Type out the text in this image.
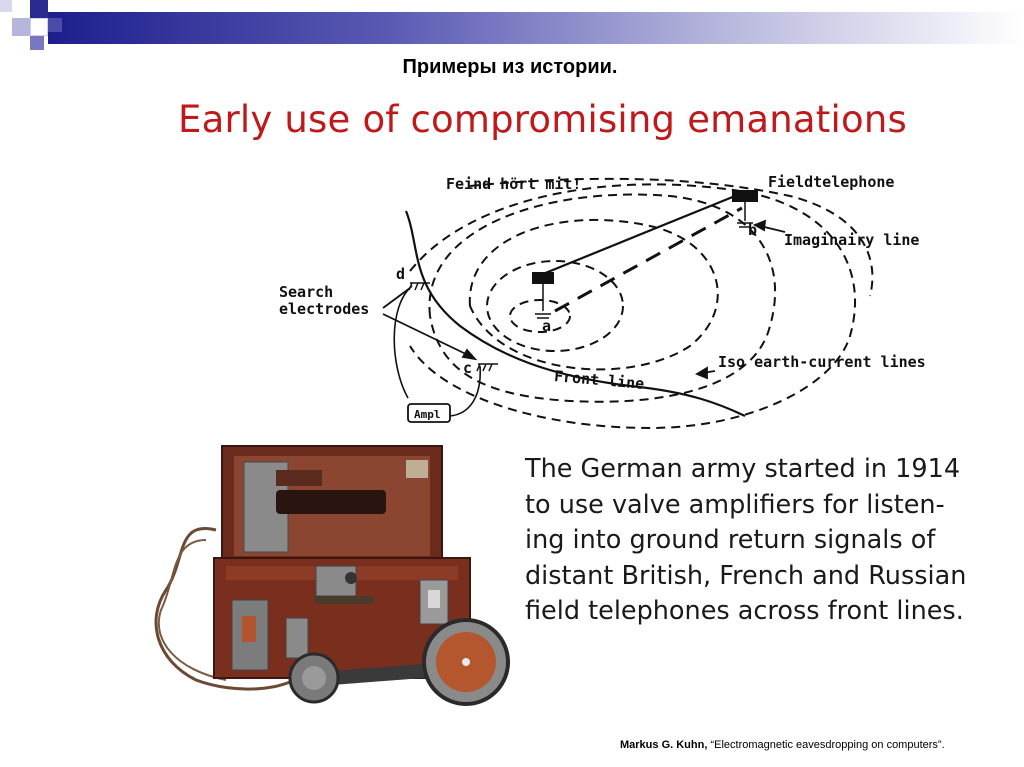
Примеры из истории.
Early use of compromising emanations
Feind hört mit!	Fieldtelephone
b
Imaginairy line
d
Search
electrodes
a
c	Iso earth-current lines
Front line
Ampl
The German army started in 1914
to use valve amplifiers for listen-
ing into ground return signals of
distant British, French and Russian
field telephones across front lines.
Markus G. Kuhn, “Electromagnetic eavesdropping on computers”.
